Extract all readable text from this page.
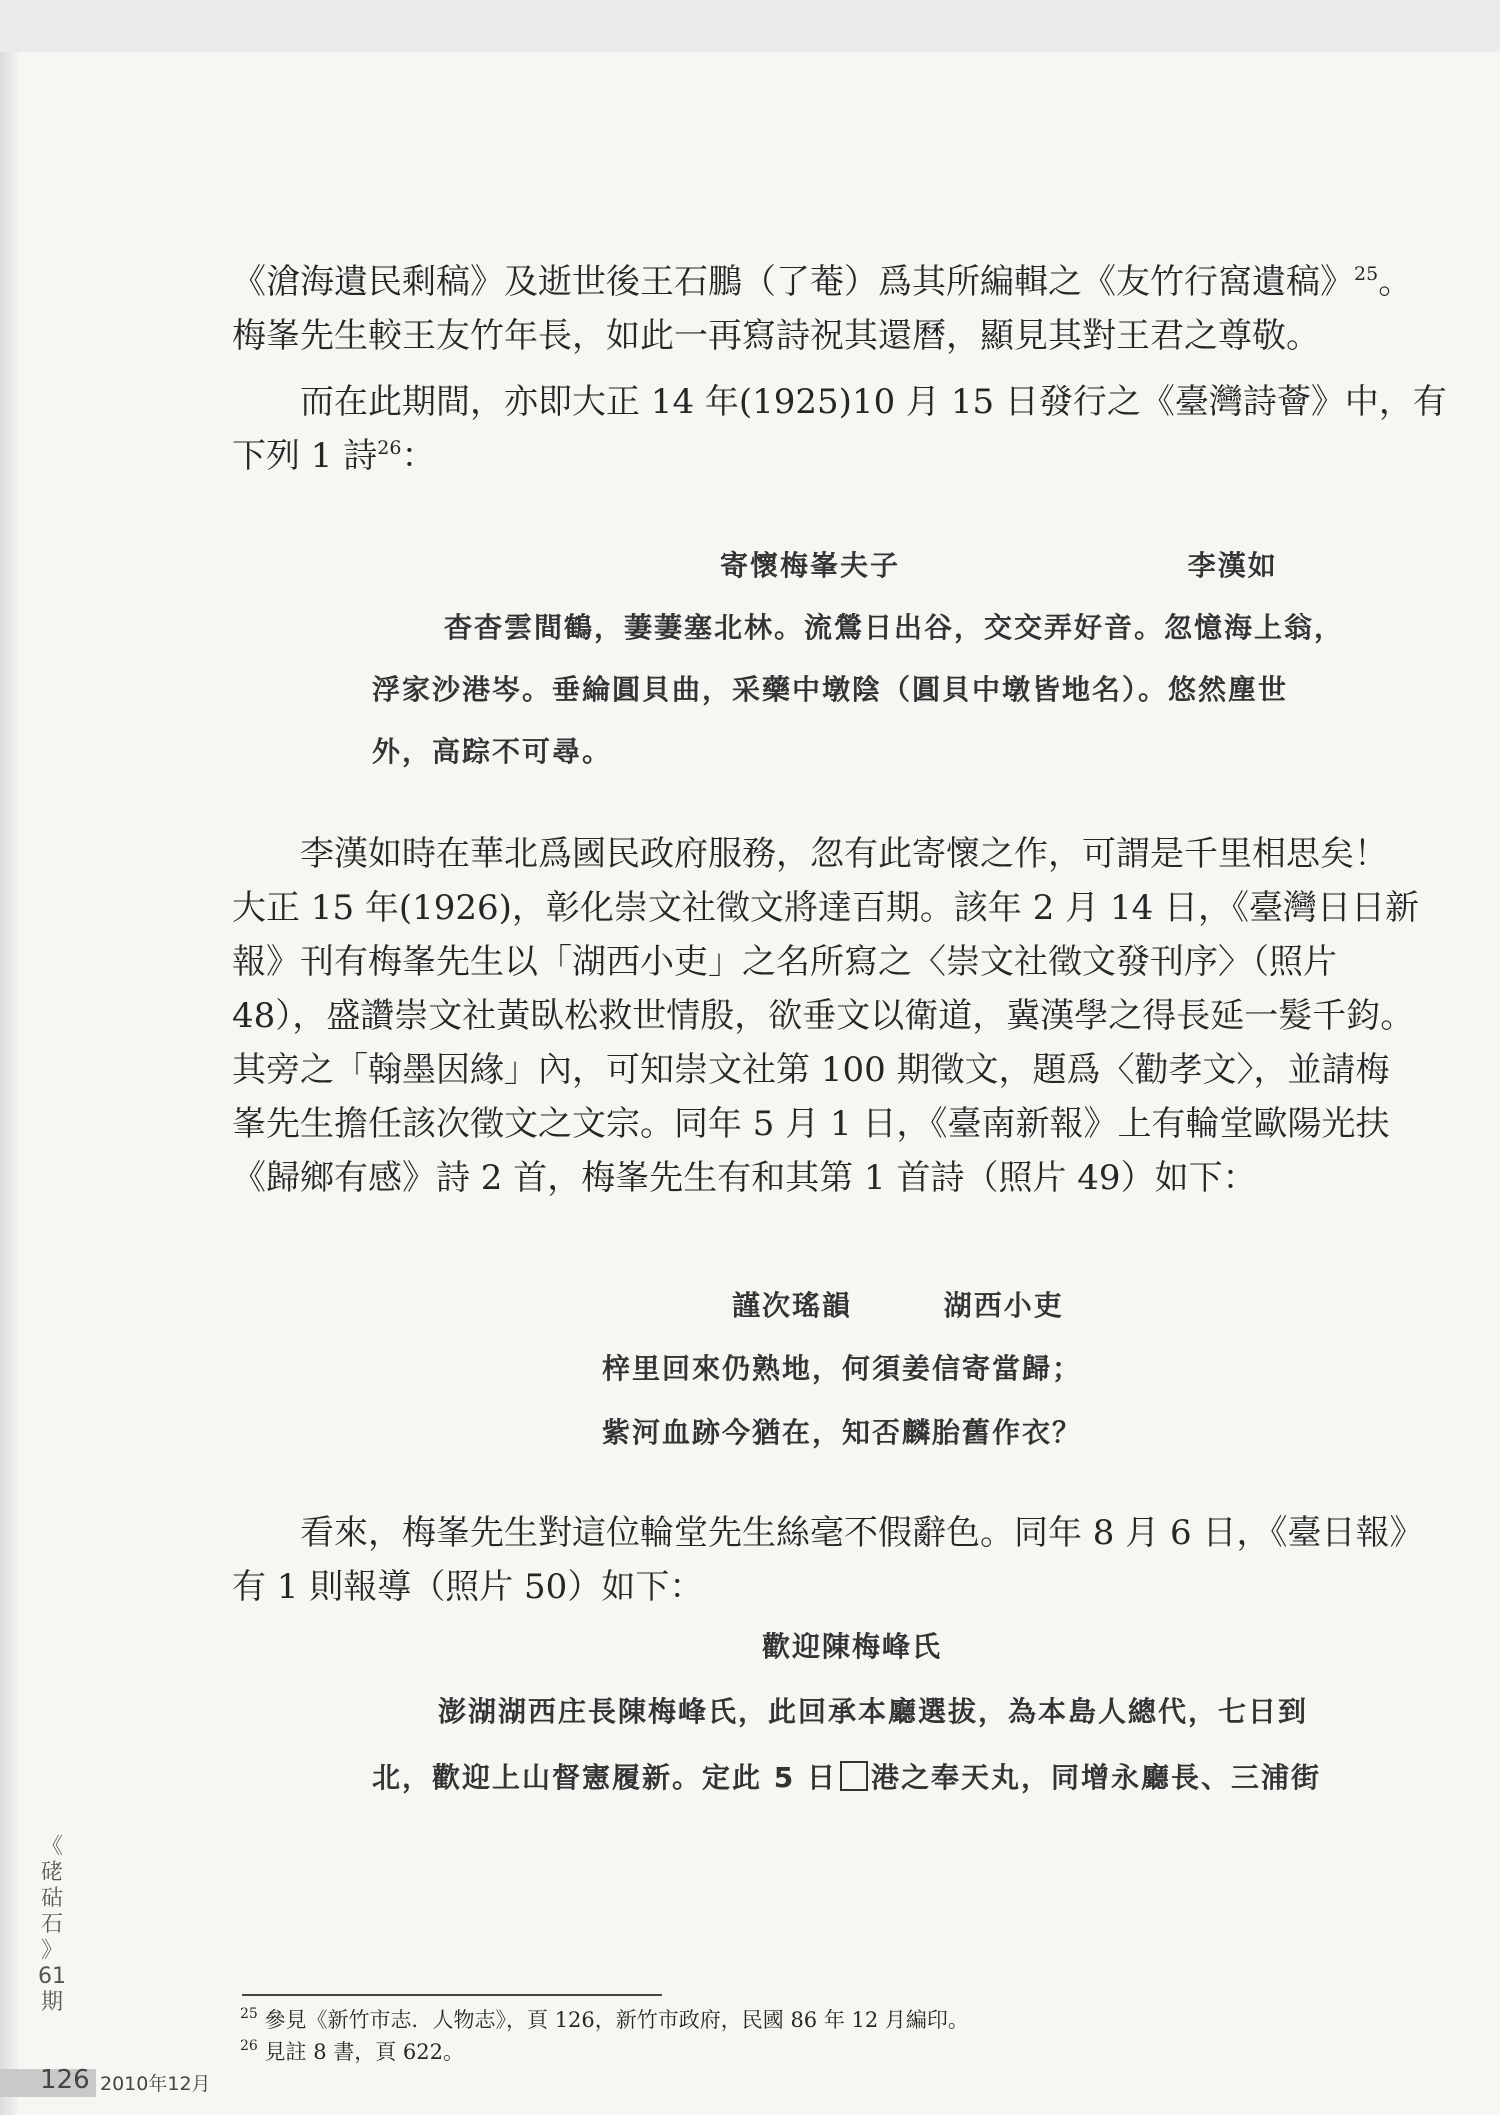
《滄海遺民剩稿》及逝世後王石鵬（了菴）爲其所編輯之《友竹行窩遺稿》$^{25}$。
梅峯先生較王友竹年長，如此一再寫詩祝其還曆，顯見其對王君之尊敬。
而在此期間，亦即大正 14 年(1925)10 月 15 日發行之《臺灣詩薈》中，有
下列 1 詩$^{26}$：
寄懷梅峯夫子	李漢如
杳杳雲間鶴，萋萋塞北林。流鶯日出谷，交交弄好音。忽憶海上翁，
浮家沙港岑。垂綸圓貝曲，采藥中墩陰（圓貝中墩皆地名）。悠然塵世
外，高踪不可尋。
李漢如時在華北爲國民政府服務，忽有此寄懷之作，可謂是千里相思矣！
大正 15 年(1926)，彰化崇文社徵文將達百期。該年 2 月 14 日，《臺灣日日新
報》刊有梅峯先生以「湖西小吏」之名所寫之〈崇文社徵文發刊序〉（照片
48），盛讚崇文社黃臥松救世情殷，欲垂文以衛道，冀漢學之得長延一髮千鈞。
其旁之「翰墨因緣」內，可知崇文社第 100 期徵文，題爲〈勸孝文〉，並請梅
峯先生擔任該次徵文之文宗。同年 5 月 1 日，《臺南新報》上有輪堂歐陽光扶
《歸鄉有感》詩 2 首，梅峯先生有和其第 1 首詩（照片 49）如下：
謹次瑤韻	湖西小吏
梓里回來仍熟地，何須姜信寄當歸；
紫河血跡今猶在，知否麟胎舊作衣？
看來，梅峯先生對這位輪堂先生絲毫不假辭色。同年 8 月 6 日，《臺日報》
有 1 則報導（照片 50）如下：
歡迎陳梅峰氏
澎湖湖西庄長陳梅峰氏，此回承本廳選拔，為本島人總代，七日到
北，歡迎上山督憲履新。定此 5 日 港之奉天丸，同增永廳長、三浦街
$^{25}$ 參見《新竹市志．人物志》，頁 126，新竹市政府，民國 86 年 12 月編印。
$^{26}$ 見註 8 書，頁 622。
《
硓
𥑮
石
》
61
期
126 2010年12月
